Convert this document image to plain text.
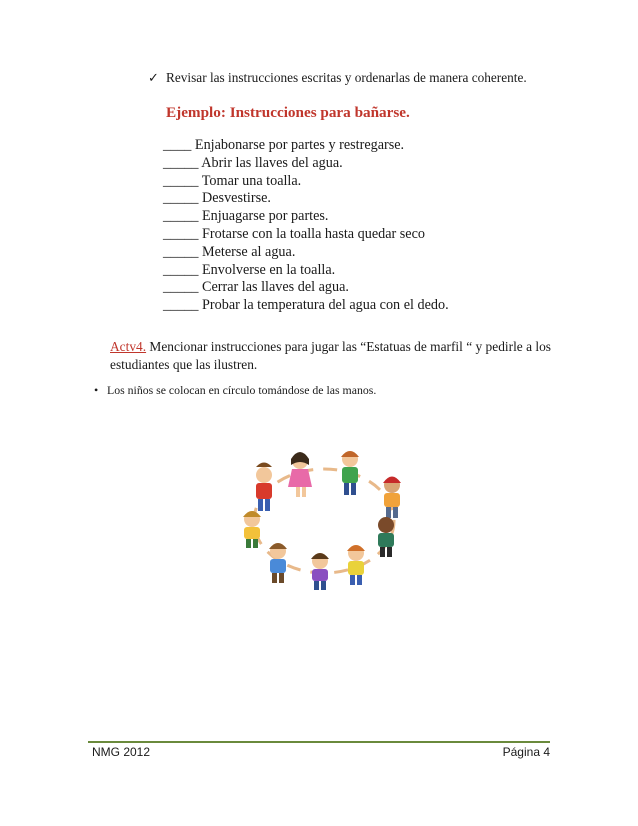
✓ Revisar las instrucciones escritas y ordenarlas de manera coherente.
Ejemplo: Instrucciones para bañarse.
____ Enjabonarse por partes y restregarse.
_____ Abrir las llaves del agua.
_____ Tomar una toalla.
_____ Desvestirse.
_____ Enjuagarse por partes.
_____ Frotarse con la toalla hasta quedar seco
_____ Meterse al agua.
_____ Envolverse en la toalla.
_____ Cerrar las llaves del agua.
_____ Probar la temperatura del agua con el dedo.
Actv4. Mencionar instrucciones para jugar las “Estatuas de marfil “ y pedirle a los estudiantes que las ilustren.
• Los niños se colocan en círculo tomándose de las manos.
NMG 2012	Página 4
